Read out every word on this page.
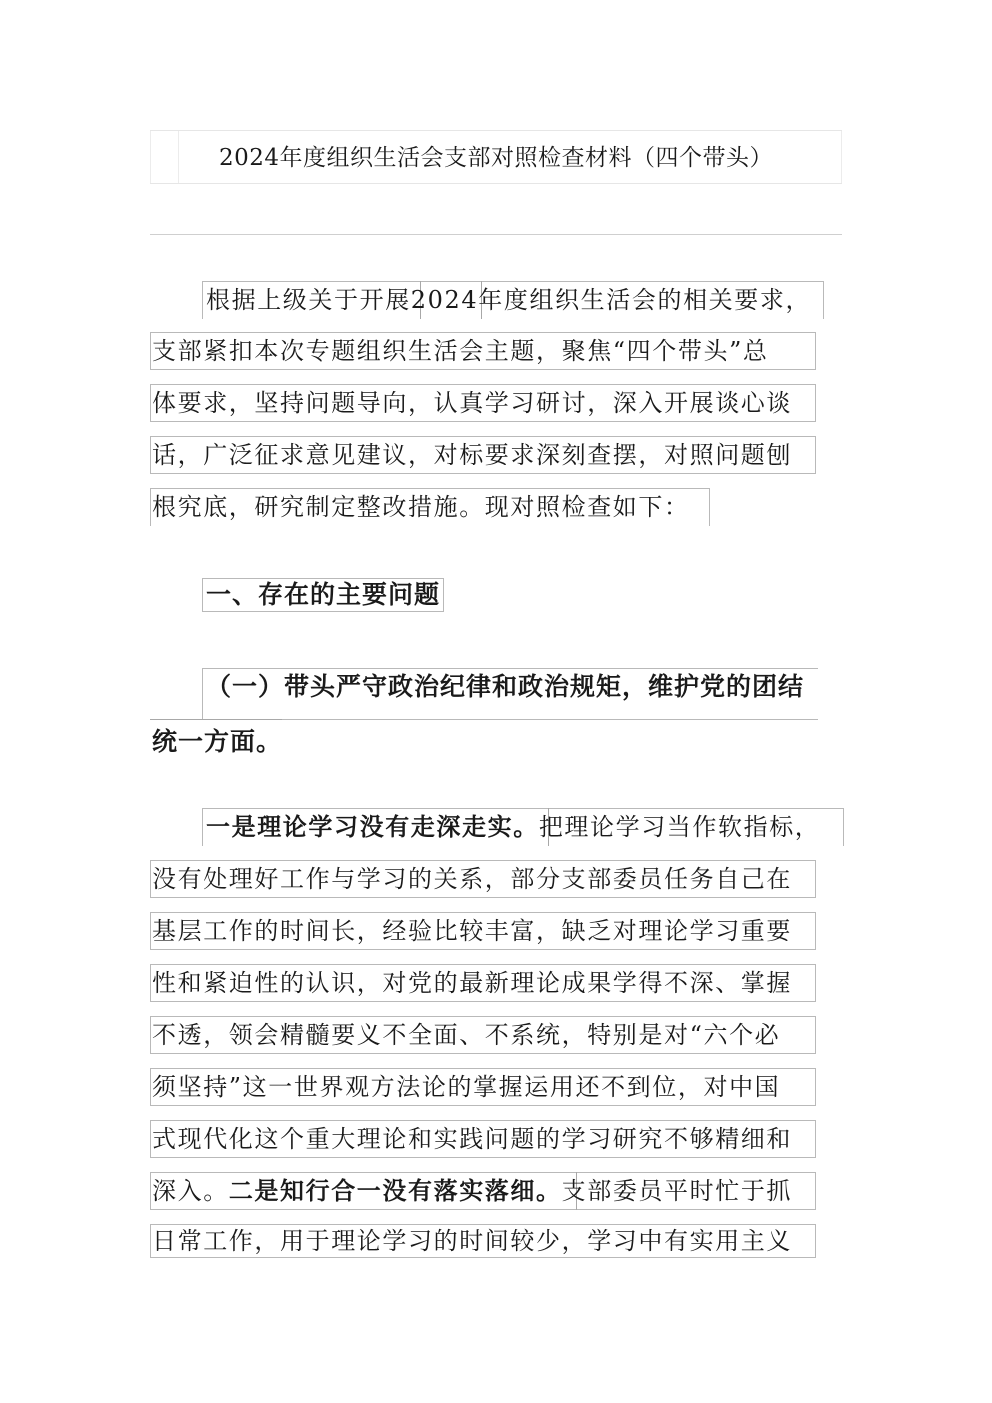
2024年度组织生活会支部对照检查材料（四个带头）
根据上级关于开展2024年度组织生活会的相关要求，
支部紧扣本次专题组织生活会主题，聚焦“四个带头”总
体要求，坚持问题导向，认真学习研讨，深入开展谈心谈
话，广泛征求意见建议，对标要求深刻查摆，对照问题刨
根究底，研究制定整改措施。现对照检查如下：
一、存在的主要问题
（一）带头严守政治纪律和政治规矩，维护党的团结
统一方面。
一是理论学习没有走深走实。把理论学习当作软指标，
没有处理好工作与学习的关系，部分支部委员任务自己在
基层工作的时间长，经验比较丰富，缺乏对理论学习重要
性和紧迫性的认识，对党的最新理论成果学得不深、掌握
不透，领会精髓要义不全面、不系统，特别是对“六个必
须坚持”这一世界观方法论的掌握运用还不到位，对中国
式现代化这个重大理论和实践问题的学习研究不够精细和
深入。二是知行合一没有落实落细。支部委员平时忙于抓
日常工作，用于理论学习的时间较少，学习中有实用主义
